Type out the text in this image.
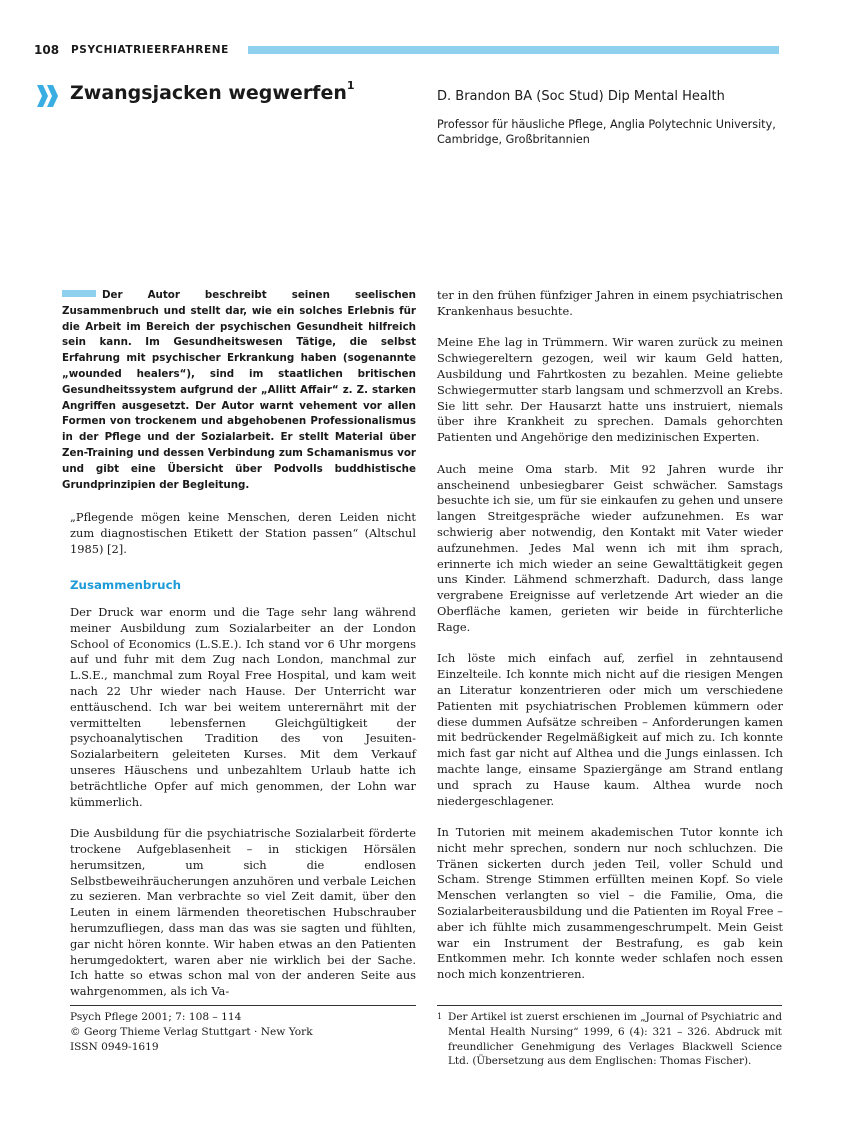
108 PSYCHIATRIEERFAHRENE
Zwangsjacken wegwerfen$^1$
D. Brandon BA (Soc Stud) Dip Mental Health
Professor für häusliche Pflege, Anglia Polytechnic University, Cambridge, Großbritannien
Der Autor beschreibt seinen seelischen Zusammenbruch und stellt dar, wie ein solches Erlebnis für die Arbeit im Bereich der psychischen Gesundheit hilfreich sein kann. Im Gesundheitswesen Tätige, die selbst Erfahrung mit psychischer Erkrankung haben (sogenannte „wounded healers“), sind im staatlichen britischen Gesundheitssystem aufgrund der „Allitt Affair“ z. Z. starken Angriffen ausgesetzt. Der Autor warnt vehement vor allen Formen von trockenem und abgehobenen Professionalismus in der Pflege und der Sozialarbeit. Er stellt Material über Zen-Training und dessen Verbindung zum Schamanismus vor und gibt eine Übersicht über Podvolls buddhistische Grundprinzipien der Begleitung.
„Pflegende mögen keine Menschen, deren Leiden nicht zum diagnostischen Etikett der Station passen“ (Altschul 1985) [2].
Zusammenbruch

Der Druck war enorm und die Tage sehr lang während meiner Ausbildung zum Sozialarbeiter an der London School of Economics (L.S.E.). Ich stand vor 6 Uhr morgens auf und fuhr mit dem Zug nach London, manchmal zur L.S.E., manchmal zum Royal Free Hospital, und kam weit nach 22 Uhr wieder nach Hause. Der Unterricht war enttäuschend. Ich war bei weitem unterernährt mit der vermittelten lebensfernen Gleichgültigkeit der psychoanalytischen Tradition des von Jesuiten-Sozialarbeitern geleiteten Kurses. Mit dem Verkauf unseres Häuschens und unbezahltem Urlaub hatte ich beträchtliche Opfer auf mich genommen, der Lohn war kümmerlich.

Die Ausbildung für die psychiatrische Sozialarbeit förderte trockene Aufgeblasenheit – in stickigen Hörsälen herumsitzen, um sich die endlosen Selbstbeweihräucherungen anzuhören und verbale Leichen zu sezieren. Man verbrachte so viel Zeit damit, über den Leuten in einem lärmenden theoretischen Hubschrauber herumzufliegen, dass man das was sie sagten und fühlten, gar nicht hören konnte. Wir haben etwas an den Patienten herumgedoktert, waren aber nie wirklich bei der Sache. Ich hatte so etwas schon mal von der anderen Seite aus wahrgenommen, als ich Va-

ter in den frühen fünfziger Jahren in einem psychiatrischen Krankenhaus besuchte.

Meine Ehe lag in Trümmern. Wir waren zurück zu meinen Schwiegereltern gezogen, weil wir kaum Geld hatten, Ausbildung und Fahrtkosten zu bezahlen. Meine geliebte Schwiegermutter starb langsam und schmerzvoll an Krebs. Sie litt sehr. Der Hausarzt hatte uns instruiert, niemals über ihre Krankheit zu sprechen. Damals gehorchten Patienten und Angehörige den medizinischen Experten.

Auch meine Oma starb. Mit 92 Jahren wurde ihr anscheinend unbesiegbarer Geist schwächer. Samstags besuchte ich sie, um für sie einkaufen zu gehen und unsere langen Streitgespräche wieder aufzunehmen. Es war schwierig aber notwendig, den Kontakt mit Vater wieder aufzunehmen. Jedes Mal wenn ich mit ihm sprach, erinnerte ich mich wieder an seine Gewalttätigkeit gegen uns Kinder. Lähmend schmerzhaft. Dadurch, dass lange vergrabene Ereignisse auf verletzende Art wieder an die Oberfläche kamen, gerieten wir beide in fürchterliche Rage.

Ich löste mich einfach auf, zerfiel in zehntausend Einzelteile. Ich konnte mich nicht auf die riesigen Mengen an Literatur konzentrieren oder mich um verschiedene Patienten mit psychiatrischen Problemen kümmern oder diese dummen Aufsätze schreiben – Anforderungen kamen mit bedrückender Regelmäßigkeit auf mich zu. Ich konnte mich fast gar nicht auf Althea und die Jungs einlassen. Ich machte lange, einsame Spaziergänge am Strand entlang und sprach zu Hause kaum. Althea wurde noch niedergeschlagener.

In Tutorien mit meinem akademischen Tutor konnte ich nicht mehr sprechen, sondern nur noch schluchzen. Die Tränen sickerten durch jeden Teil, voller Schuld und Scham. Strenge Stimmen erfüllten meinen Kopf. So viele Menschen verlangten so viel – die Familie, Oma, die Sozialarbeiterausbildung und die Patienten im Royal Free – aber ich fühlte mich zusammengeschrumpelt. Mein Geist war ein Instrument der Bestrafung, es gab kein Entkommen mehr. Ich konnte weder schlafen noch essen noch mich konzentrieren.

Psych Pflege 2001; 7: 108 – 114
© Georg Thieme Verlag Stuttgart · New York
ISSN 0949-1619
1 Der Artikel ist zuerst erschienen im „Journal of Psychiatric and Mental Health Nursing“ 1999, 6 (4): 321 – 326. Abdruck mit freundlicher Genehmigung des Verlages Blackwell Science Ltd. (Übersetzung aus dem Englischen: Thomas Fischer).
